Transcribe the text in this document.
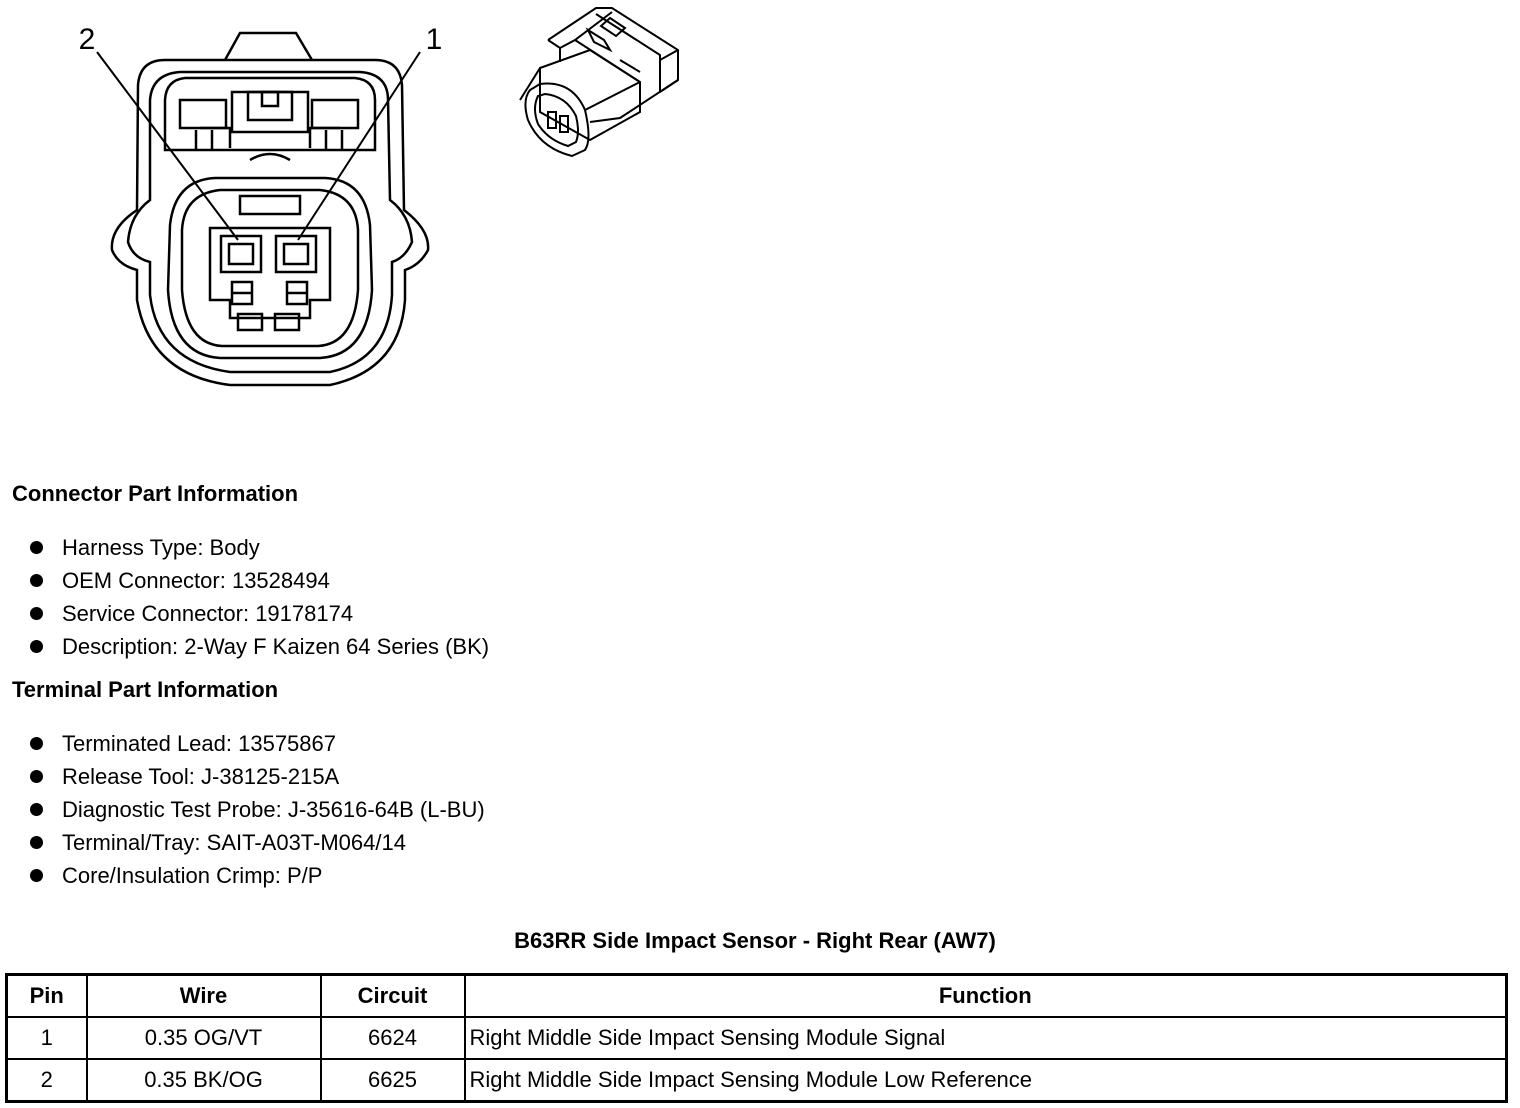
2	1
Connector Part Information
Harness Type: Body
OEM Connector: 13528494
Service Connector: 19178174
Description: 2-Way F Kaizen 64 Series (BK)
Terminal Part Information
Terminated Lead: 13575867
Release Tool: J-38125-215A
Diagnostic Test Probe: J-35616-64B (L-BU)
Terminal/Tray: SAIT-A03T-M064/14
Core/Insulation Crimp: P/P
B63RR Side Impact Sensor - Right Rear (AW7)
Pin	Wire	Circuit	Function
1	0.35 OG/VT	6624	Right Middle Side Impact Sensing Module Signal
2	0.35 BK/OG	6625	Right Middle Side Impact Sensing Module Low Reference
